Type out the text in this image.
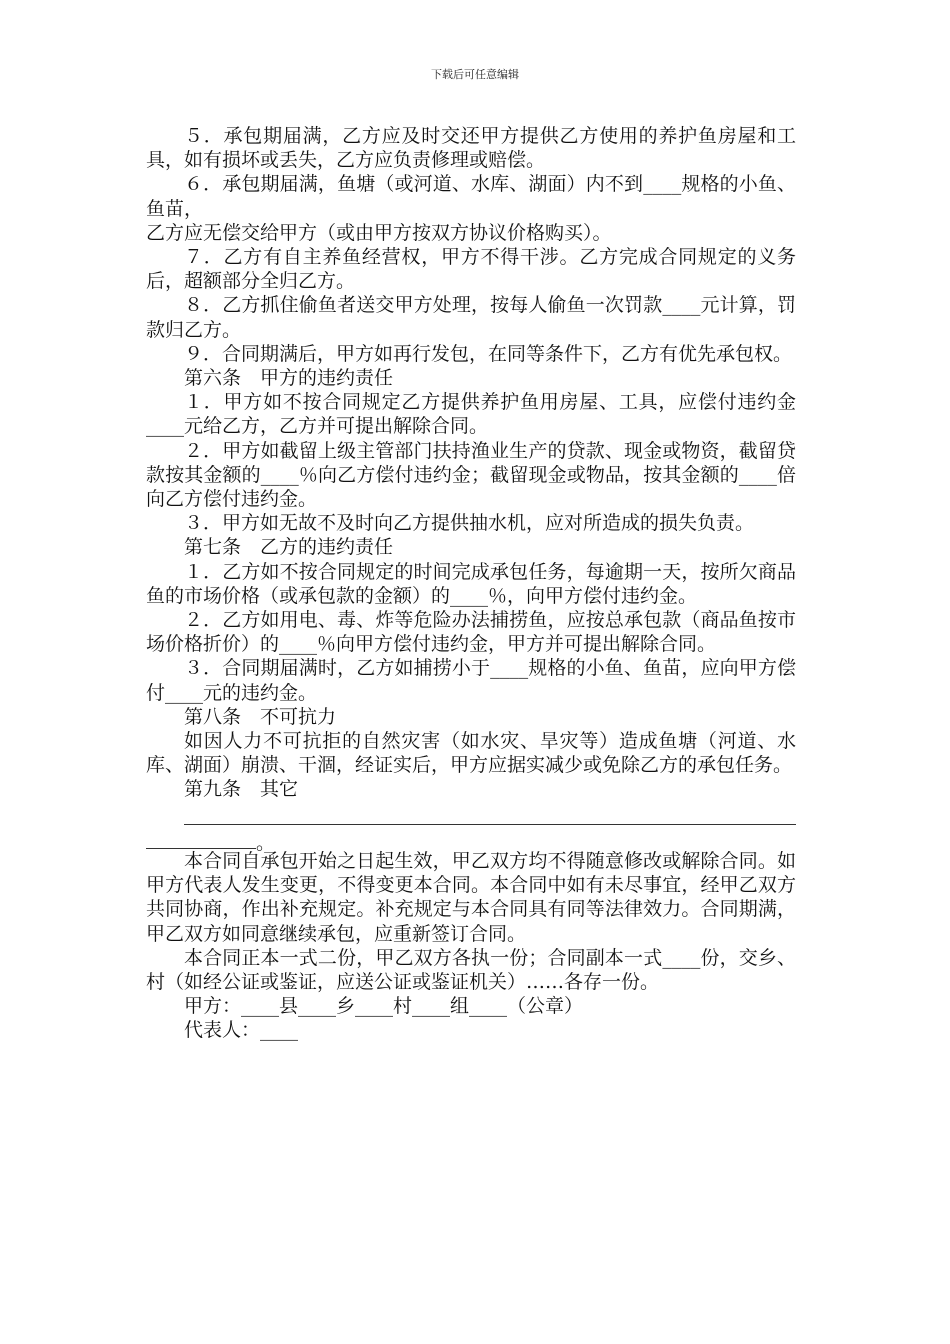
下载后可任意编辑

５．承包期届满，乙方应及时交还甲方提供乙方使用的养护鱼房屋和工具，如有损坏或丢失，乙方应负责修理或赔偿。

６．承包期届满，鱼塘（或河道、水库、湖面）内不到____规格的小鱼、鱼苗，

乙方应无偿交给甲方（或由甲方按双方协议价格购买）。

７．乙方有自主养鱼经营权，甲方不得干涉。乙方完成合同规定的义务后，超额部分全归乙方。

８．乙方抓住偷鱼者送交甲方处理，按每人偷鱼一次罚款____元计算，罚款归乙方。

９．合同期满后，甲方如再行发包，在同等条件下，乙方有优先承包权。

第六条　甲方的违约责任

１．甲方如不按合同规定乙方提供养护鱼用房屋、工具，应偿付违约金____元给乙方，乙方并可提出解除合同。

２．甲方如截留上级主管部门扶持渔业生产的贷款、现金或物资，截留贷款按其金额的____％向乙方偿付违约金；截留现金或物品，按其金额的____倍向乙方偿付违约金。

３．甲方如无故不及时向乙方提供抽水机，应对所造成的损失负责。

第七条　乙方的违约责任

１．乙方如不按合同规定的时间完成承包任务，每逾期一天，按所欠商品鱼的市场价格（或承包款的金额）的____％，向甲方偿付违约金。

２．乙方如用电、毒、炸等危险办法捕捞鱼，应按总承包款（商品鱼按市场价格折价）的____％向甲方偿付违约金，甲方并可提出解除合同。

３．合同期届满时，乙方如捕捞小于____规格的小鱼、鱼苗，应向甲方偿付____元的违约金。

第八条　不可抗力

如因人力不可抗拒的自然灾害（如水灾、旱灾等）造成鱼塘（河道、水库、湖面）崩溃、干涸，经证实后，甲方应据实减少或免除乙方的承包任务。

第九条　其它

。

本合同自承包开始之日起生效，甲乙双方均不得随意修改或解除合同。如甲方代表人发生变更，不得变更本合同。本合同中如有未尽事宜，经甲乙双方共同协商，作出补充规定。补充规定与本合同具有同等法律效力。合同期满，甲乙双方如同意继续承包，应重新签订合同。

本合同正本一式二份，甲乙双方各执一份；合同副本一式____份，交乡、村（如经公证或鉴证，应送公证或鉴证机关）……各存一份。

甲方：____县____乡____村____组____（公章）

代表人：____
